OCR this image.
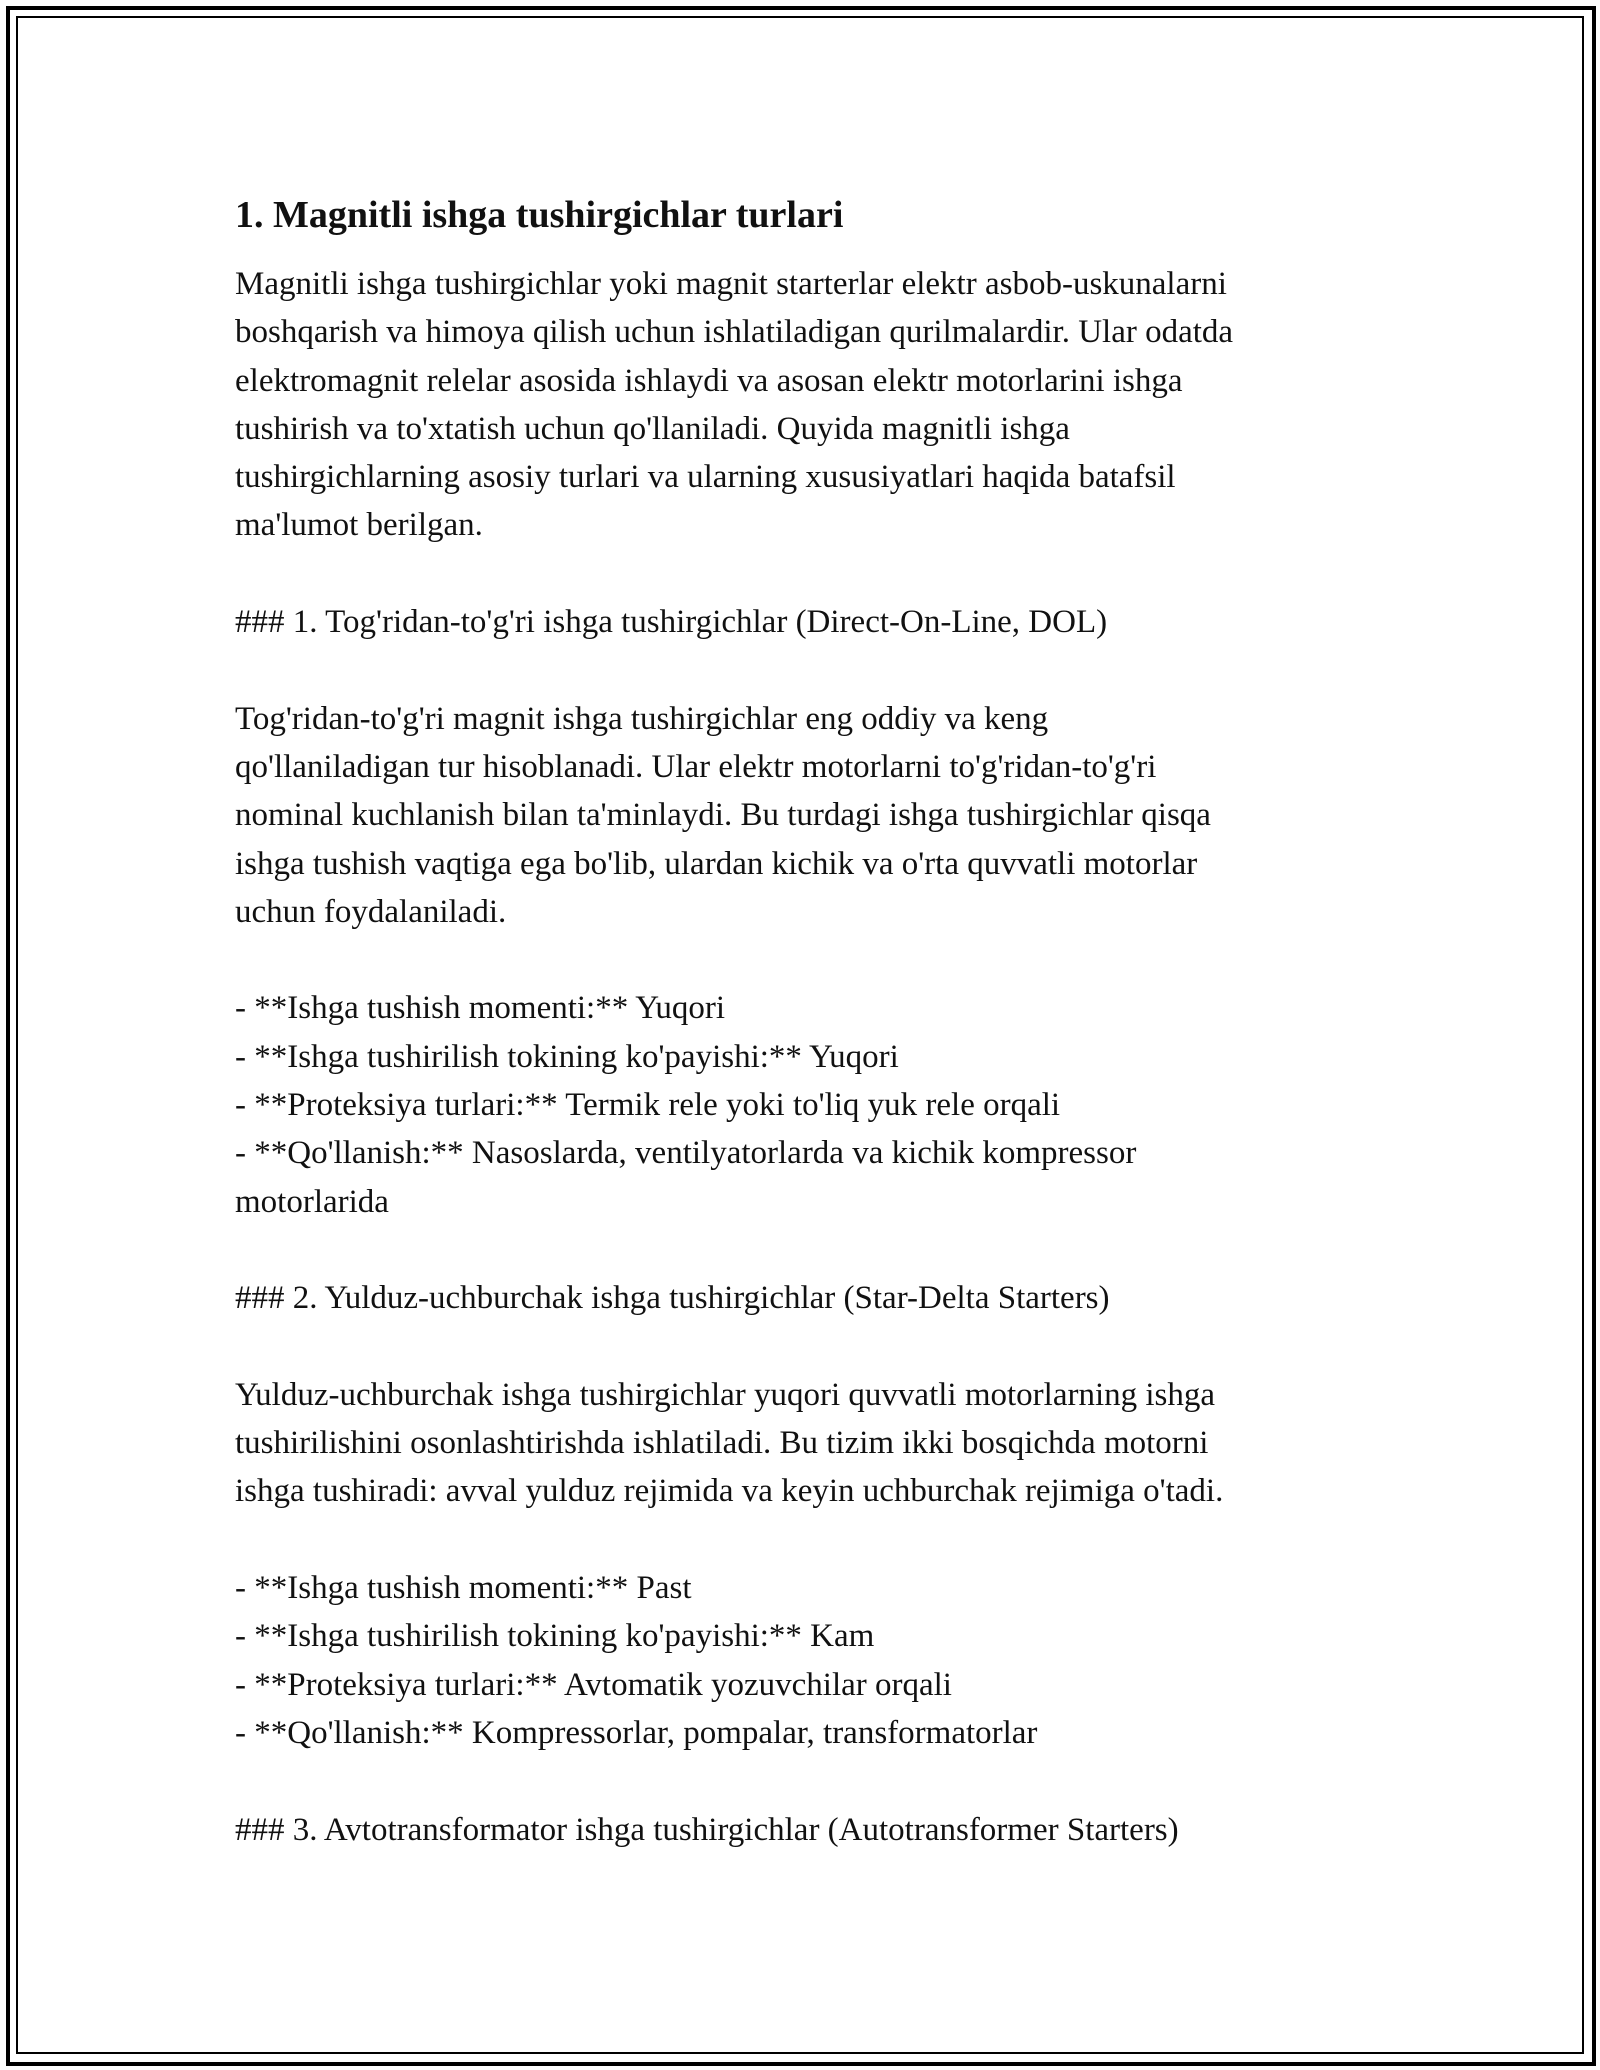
1. Magnitli ishga tushirgichlar turlari
Magnitli ishga tushirgichlar yoki magnit starterlar elektr asbob-uskunalarni
boshqarish va himoya qilish uchun ishlatiladigan qurilmalardir. Ular odatda
elektromagnit relelar asosida ishlaydi va asosan elektr motorlarini ishga
tushirish va to'xtatish uchun qo'llaniladi. Quyida magnitli ishga
tushirgichlarning asosiy turlari va ularning xususiyatlari haqida batafsil
ma'lumot berilgan.
### 1. Tog'ridan-to'g'ri ishga tushirgichlar (Direct-On-Line, DOL)
Tog'ridan-to'g'ri magnit ishga tushirgichlar eng oddiy va keng
qo'llaniladigan tur hisoblanadi. Ular elektr motorlarni to'g'ridan-to'g'ri
nominal kuchlanish bilan ta'minlaydi. Bu turdagi ishga tushirgichlar qisqa
ishga tushish vaqtiga ega bo'lib, ulardan kichik va o'rta quvvatli motorlar
uchun foydalaniladi.
- **Ishga tushish momenti:** Yuqori
- **Ishga tushirilish tokining ko'payishi:** Yuqori
- **Proteksiya turlari:** Termik rele yoki to'liq yuk rele orqali
- **Qo'llanish:** Nasoslarda, ventilyatorlarda va kichik kompressor
motorlarida
### 2. Yulduz-uchburchak ishga tushirgichlar (Star-Delta Starters)
Yulduz-uchburchak ishga tushirgichlar yuqori quvvatli motorlarning ishga
tushirilishini osonlashtirishda ishlatiladi. Bu tizim ikki bosqichda motorni
ishga tushiradi: avval yulduz rejimida va keyin uchburchak rejimiga o'tadi.
- **Ishga tushish momenti:** Past
- **Ishga tushirilish tokining ko'payishi:** Kam
- **Proteksiya turlari:** Avtomatik yozuvchilar orqali
- **Qo'llanish:** Kompressorlar, pompalar, transformatorlar
### 3. Avtotransformator ishga tushirgichlar (Autotransformer Starters)
